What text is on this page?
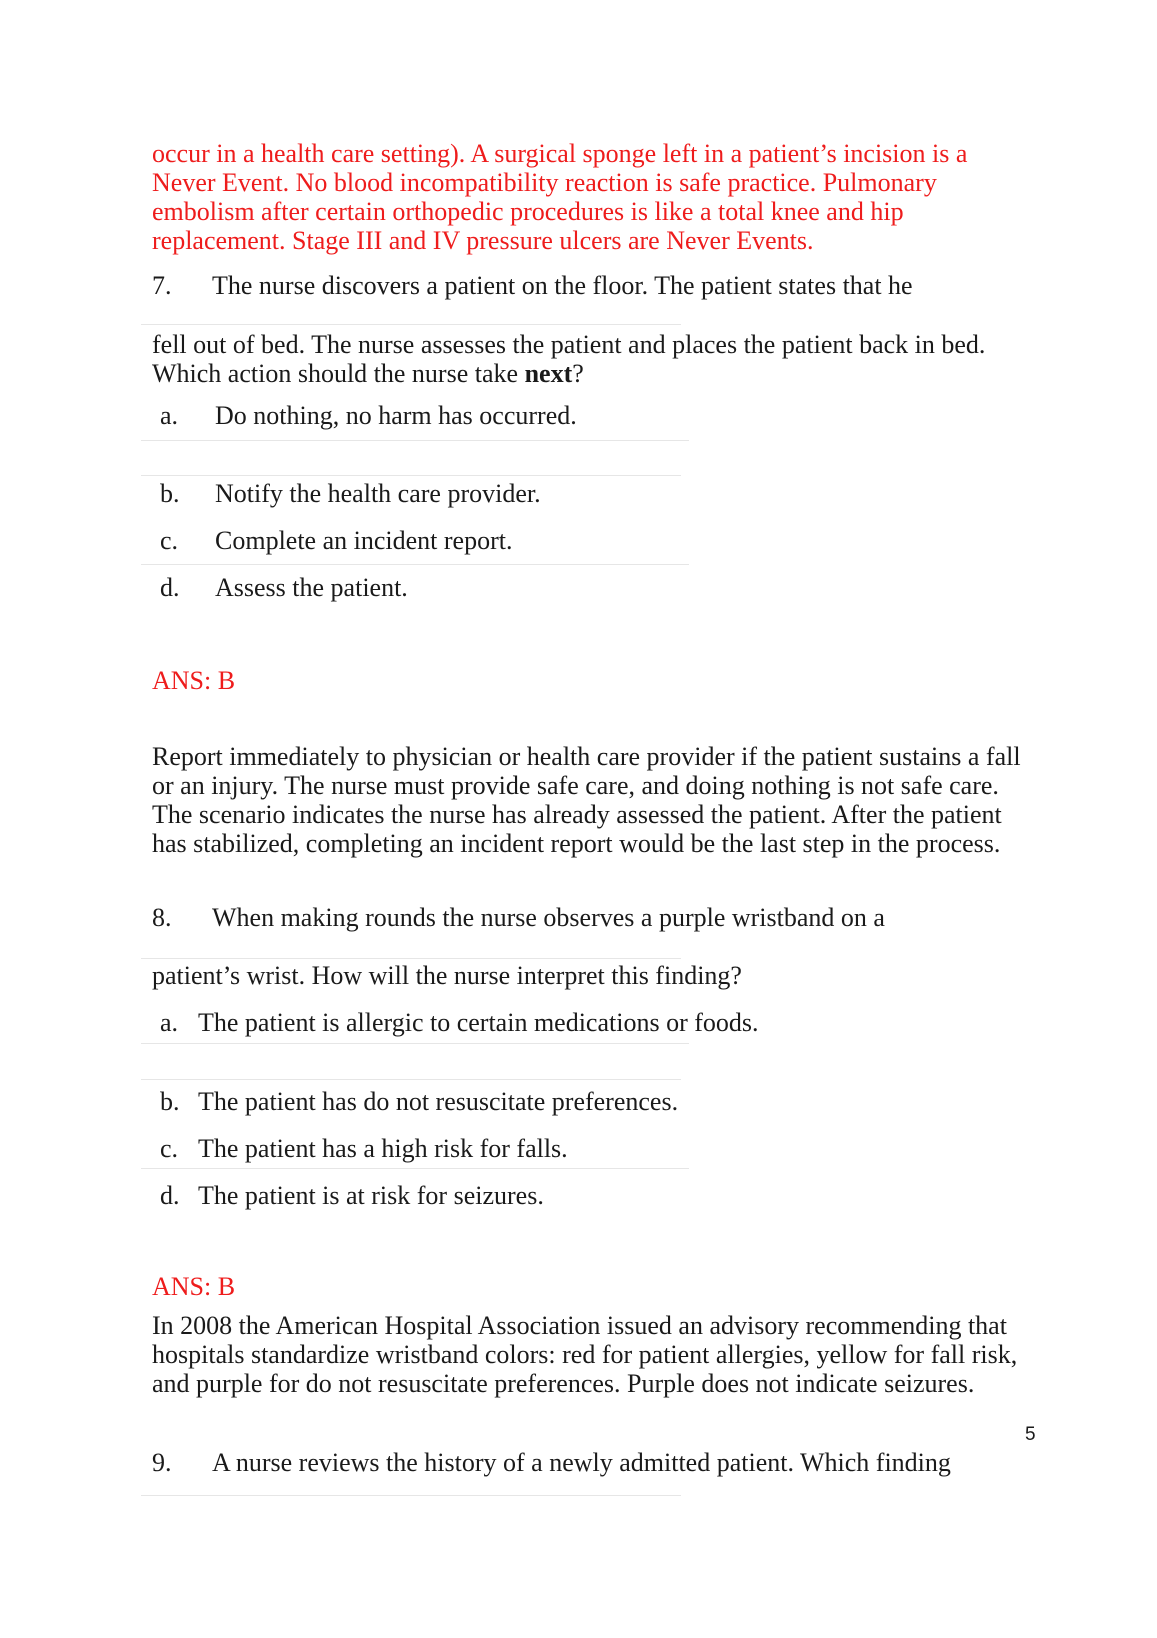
occur in a health care setting). A surgical sponge left in a patient’s incision is a Never Event. No blood incompatibility reaction is safe practice. Pulmonary embolism after certain orthopedic procedures is like a total knee and hip replacement. Stage III and IV pressure ulcers are Never Events.

7. The nurse discovers a patient on the floor. The patient states that he

fell out of bed. The nurse assesses the patient and places the patient back in bed. Which action should the nurse take next?

a. Do nothing, no harm has occurred.
b. Notify the health care provider.
c. Complete an incident report.
d. Assess the patient.
ANS: B

Report immediately to physician or health care provider if the patient sustains a fall or an injury. The nurse must provide safe care, and doing nothing is not safe care. The scenario indicates the nurse has already assessed the patient. After the patient has stabilized, completing an incident report would be the last step in the process.

8. When making rounds the nurse observes a purple wristband on a

patient’s wrist. How will the nurse interpret this finding?

a. The patient is allergic to certain medications or foods.
b. The patient has do not resuscitate preferences.
c. The patient has a high risk for falls.
d. The patient is at risk for seizures.
ANS: B

In 2008 the American Hospital Association issued an advisory recommending that hospitals standardize wristband colors: red for patient allergies, yellow for fall risk, and purple for do not resuscitate preferences. Purple does not indicate seizures.

5
9. A nurse reviews the history of a newly admitted patient. Which finding
